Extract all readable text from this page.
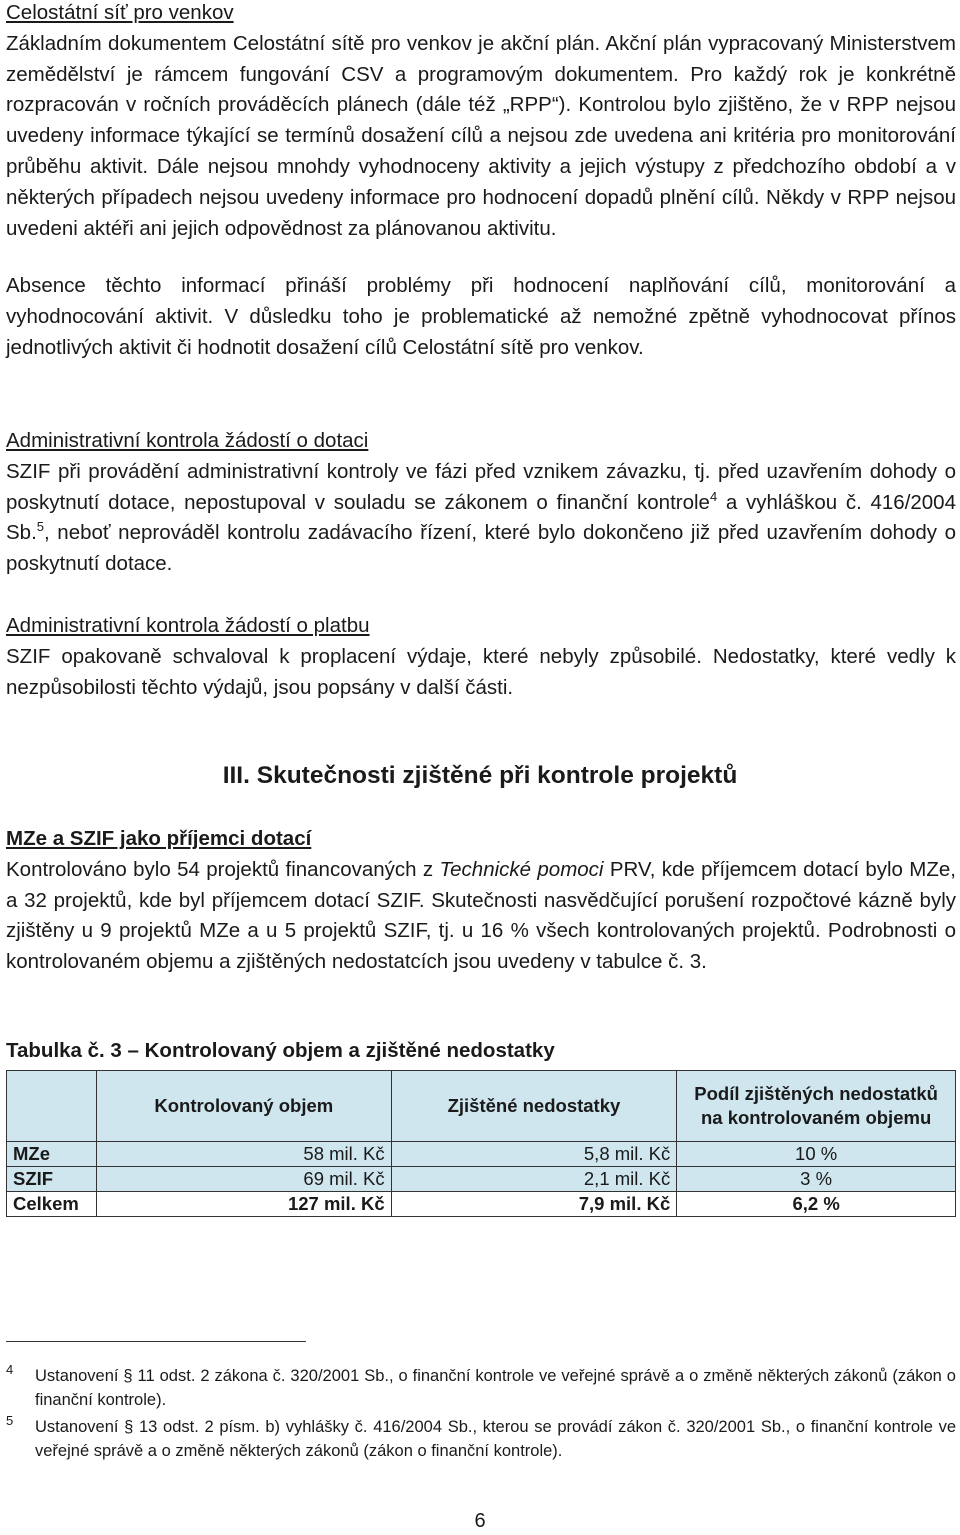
Celostátní síť pro venkov

Základním dokumentem Celostátní sítě pro venkov je akční plán. Akční plán vypracovaný Ministerstvem zemědělství je rámcem fungování CSV a programovým dokumentem. Pro každý rok je konkrétně rozpracován v ročních prováděcích plánech (dále též „RPP“). Kontrolou bylo zjištěno, že v RPP nejsou uvedeny informace týkající se termínů dosažení cílů a nejsou zde uvedena ani kritéria pro monitorování průběhu aktivit. Dále nejsou mnohdy vyhodnoceny aktivity a jejich výstupy z předchozího období a v některých případech nejsou uvedeny informace pro hodnocení dopadů plnění cílů. Někdy v RPP nejsou uvedeni aktéři ani jejich odpovědnost za plánovanou aktivitu.

Absence těchto informací přináší problémy při hodnocení naplňování cílů, monitorování a vyhodnocování aktivit. V důsledku toho je problematické až nemožné zpětně vyhodnocovat přínos jednotlivých aktivit či hodnotit dosažení cílů Celostátní sítě pro venkov.

Administrativní kontrola žádostí o dotaci

SZIF při provádění administrativní kontroly ve fázi před vznikem závazku, tj. před uzavřením dohody o poskytnutí dotace, nepostupoval v souladu se zákonem o finanční kontrole$^4$ a vyhláškou č. 416/2004 Sb.$^5$, neboť neprováděl kontrolu zadávacího řízení, které bylo dokončeno již před uzavřením dohody o poskytnutí dotace.

Administrativní kontrola žádostí o platbu

SZIF opakovaně schvaloval k proplacení výdaje, které nebyly způsobilé. Nedostatky, které vedly k nezpůsobilosti těchto výdajů, jsou popsány v další části.

III. Skutečnosti zjištěné při kontrole projektů
MZe a SZIF jako příjemci dotací

Kontrolováno bylo 54 projektů financovaných z Technické pomoci PRV, kde příjemcem dotací bylo MZe, a 32 projektů, kde byl příjemcem dotací SZIF. Skutečnosti nasvědčující porušení rozpočtové kázně byly zjištěny u 9 projektů MZe a u 5 projektů SZIF, tj. u 16 % všech kontrolovaných projektů. Podrobnosti o kontrolovaném objemu a zjištěných nedostatcích jsou uvedeny v tabulce č. 3.

Tabulka č. 3 – Kontrolovaný objem a zjištěné nedostatky
	Kontrolovaný objem	Zjištěné nedostatky	Podíl zjištěných nedostatků na kontrolovaném objemu
MZe	58 mil. Kč	5,8 mil. Kč	10 %
SZIF	69 mil. Kč	2,1 mil. Kč	3 %
Celkem	127 mil. Kč	7,9 mil. Kč	6,2 %
4 Ustanovení § 11 odst. 2 zákona č. 320/2001 Sb., o finanční kontrole ve veřejné správě a o změně některých zákonů (zákon o finanční kontrole).
5 Ustanovení § 13 odst. 2 písm. b) vyhlášky č. 416/2004 Sb., kterou se provádí zákon č. 320/2001 Sb., o finanční kontrole ve veřejné správě a o změně některých zákonů (zákon o finanční kontrole).
6
